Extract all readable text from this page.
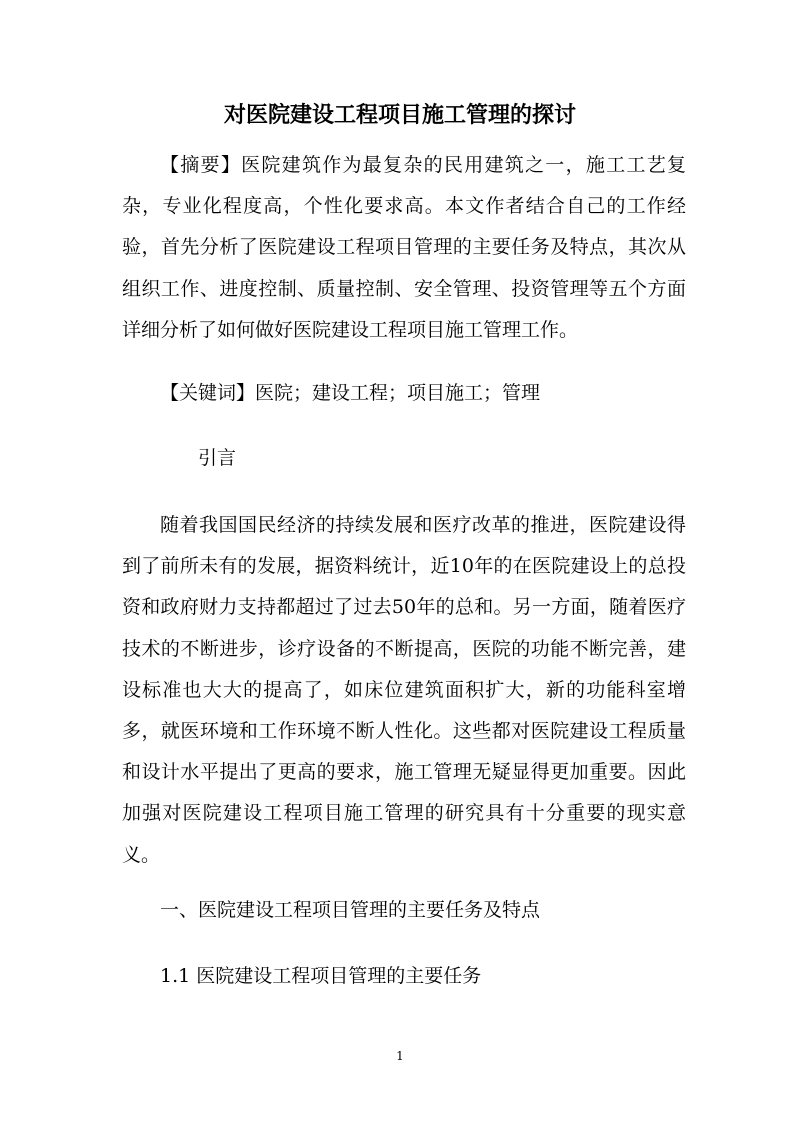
对医院建设工程项目施工管理的探讨

【摘要】医院建筑作为最复杂的民用建筑之一，施工工艺复杂，专业化程度高，个性化要求高。本文作者结合自己的工作经验，首先分析了医院建设工程项目管理的主要任务及特点，其次从组织工作、进度控制、质量控制、安全管理、投资管理等五个方面详细分析了如何做好医院建设工程项目施工管理工作。

【关键词】医院；建设工程；项目施工；管理
引言

随着我国国民经济的持续发展和医疗改革的推进，医院建设得到了前所未有的发展，据资料统计，近10年的在医院建设上的总投资和政府财力支持都超过了过去50年的总和。另一方面，随着医疗技术的不断进步，诊疗设备的不断提高，医院的功能不断完善，建设标准也大大的提高了，如床位建筑面积扩大，新的功能科室增多，就医环境和工作环境不断人性化。这些都对医院建设工程质量和设计水平提出了更高的要求，施工管理无疑显得更加重要。因此加强对医院建设工程项目施工管理的研究具有十分重要的现实意义。

一、医院建设工程项目管理的主要任务及特点
1.1 医院建设工程项目管理的主要任务
1
